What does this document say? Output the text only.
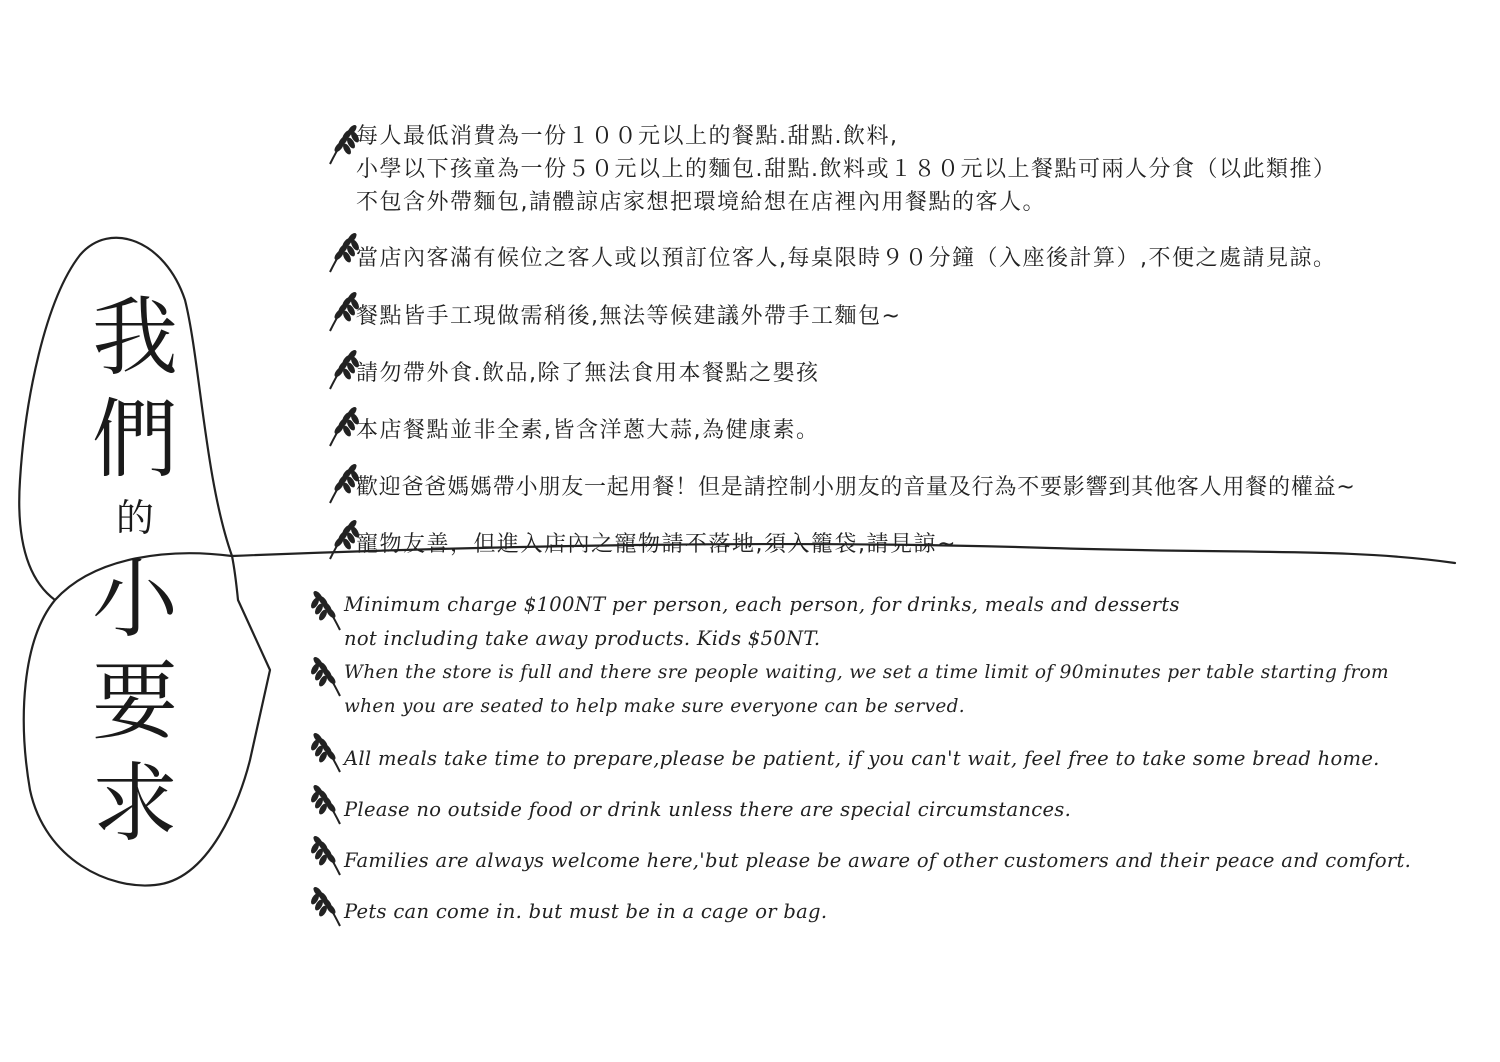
我
們
的
小
要
求
每人最低消費為一份１００元以上的餐點.甜點.飲料,
小學以下孩童為一份５０元以上的麵包.甜點.飲料或１８０元以上餐點可兩人分食（以此類推）
不包含外帶麵包,請體諒店家想把環境給想在店裡內用餐點的客人。
當店內客滿有候位之客人或以預訂位客人,每桌限時９０分鐘（入座後計算）,不便之處請見諒。
餐點皆手工現做需稍後,無法等候建議外帶手工麵包~
請勿帶外食.飲品,除了無法食用本餐點之嬰孩
本店餐點並非全素,皆含洋蔥大蒜,為健康素。
歡迎爸爸媽媽帶小朋友一起用餐！但是請控制小朋友的音量及行為不要影響到其他客人用餐的權益~
寵物友善，但進入店內之寵物請不落地,須入籠袋,請見諒~
Minimum charge $100NT per person, each person, for drinks, meals and desserts
not including take away products. Kids $50NT.
When the store is full and there sre people waiting, we set a time limit of 90minutes per table starting from
when you are seated to help make sure everyone can be served.
All meals take time to prepare,please be patient, if you can't wait, feel free to take some bread home.
Please no outside food or drink unless there are special circumstances.
Families are always welcome here,'but please be aware of other customers and their peace and comfort.
Pets can come in. but must be in a cage or bag.
